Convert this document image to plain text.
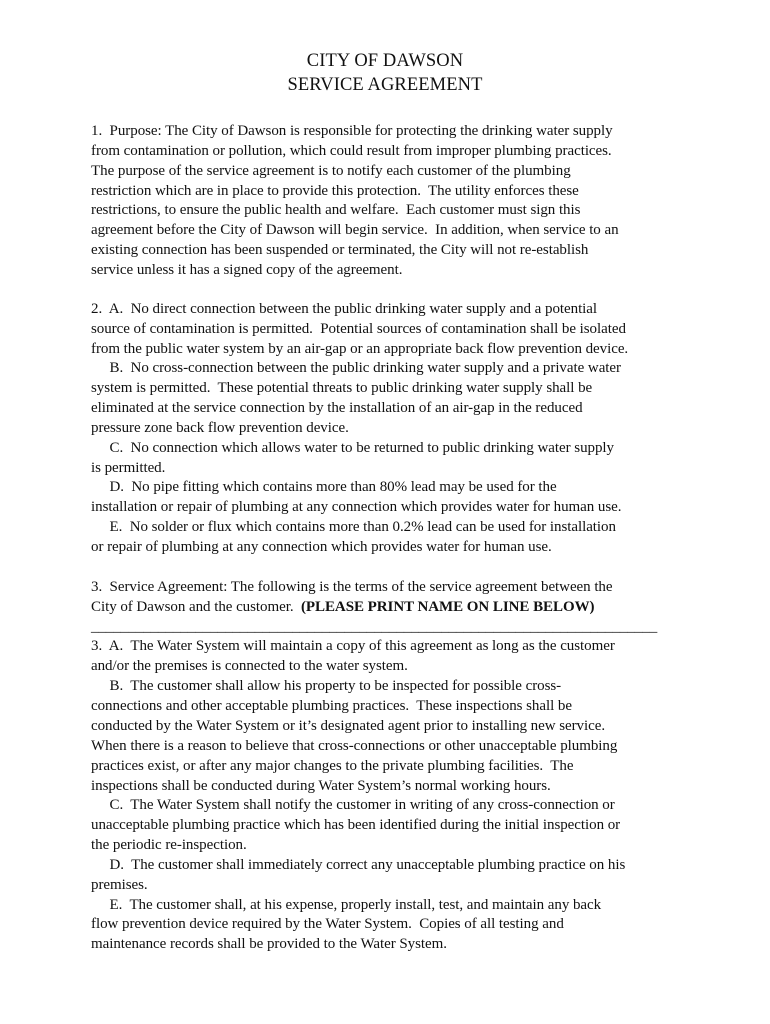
CITY OF DAWSON
SERVICE AGREEMENT
1.  Purpose: The City of Dawson is responsible for protecting the drinking water supply
from contamination or pollution, which could result from improper plumbing practices.
The purpose of the service agreement is to notify each customer of the plumbing
restriction which are in place to provide this protection.  The utility enforces these
restrictions, to ensure the public health and welfare.  Each customer must sign this
agreement before the City of Dawson will begin service.  In addition, when service to an
existing connection has been suspended or terminated, the City will not re-establish
service unless it has a signed copy of the agreement.
2.  A.  No direct connection between the public drinking water supply and a potential
source of contamination is permitted.  Potential sources of contamination shall be isolated
from the public water system by an air-gap or an appropriate back flow prevention device.
B.  No cross-connection between the public drinking water supply and a private water
system is permitted.  These potential threats to public drinking water supply shall be
eliminated at the service connection by the installation of an air-gap in the reduced
pressure zone back flow prevention device.
C.  No connection which allows water to be returned to public drinking water supply
is permitted.
D.  No pipe fitting which contains more than 80% lead may be used for the
installation or repair of plumbing at any connection which provides water for human use.
E.  No solder or flux which contains more than 0.2% lead can be used for installation
or repair of plumbing at any connection which provides water for human use.
3.  Service Agreement: The following is the terms of the service agreement between the
City of Dawson and the customer.  (PLEASE PRINT NAME ON LINE BELOW)
____________________________________________________________________________
3.  A.  The Water System will maintain a copy of this agreement as long as the customer
and/or the premises is connected to the water system.
B.  The customer shall allow his property to be inspected for possible cross-
connections and other acceptable plumbing practices.  These inspections shall be
conducted by the Water System or it’s designated agent prior to installing new service.
When there is a reason to believe that cross-connections or other unacceptable plumbing
practices exist, or after any major changes to the private plumbing facilities.  The
inspections shall be conducted during Water System’s normal working hours.
C.  The Water System shall notify the customer in writing of any cross-connection or
unacceptable plumbing practice which has been identified during the initial inspection or
the periodic re-inspection.
D.  The customer shall immediately correct any unacceptable plumbing practice on his
premises.
E.  The customer shall, at his expense, properly install, test, and maintain any back
flow prevention device required by the Water System.  Copies of all testing and
maintenance records shall be provided to the Water System.
